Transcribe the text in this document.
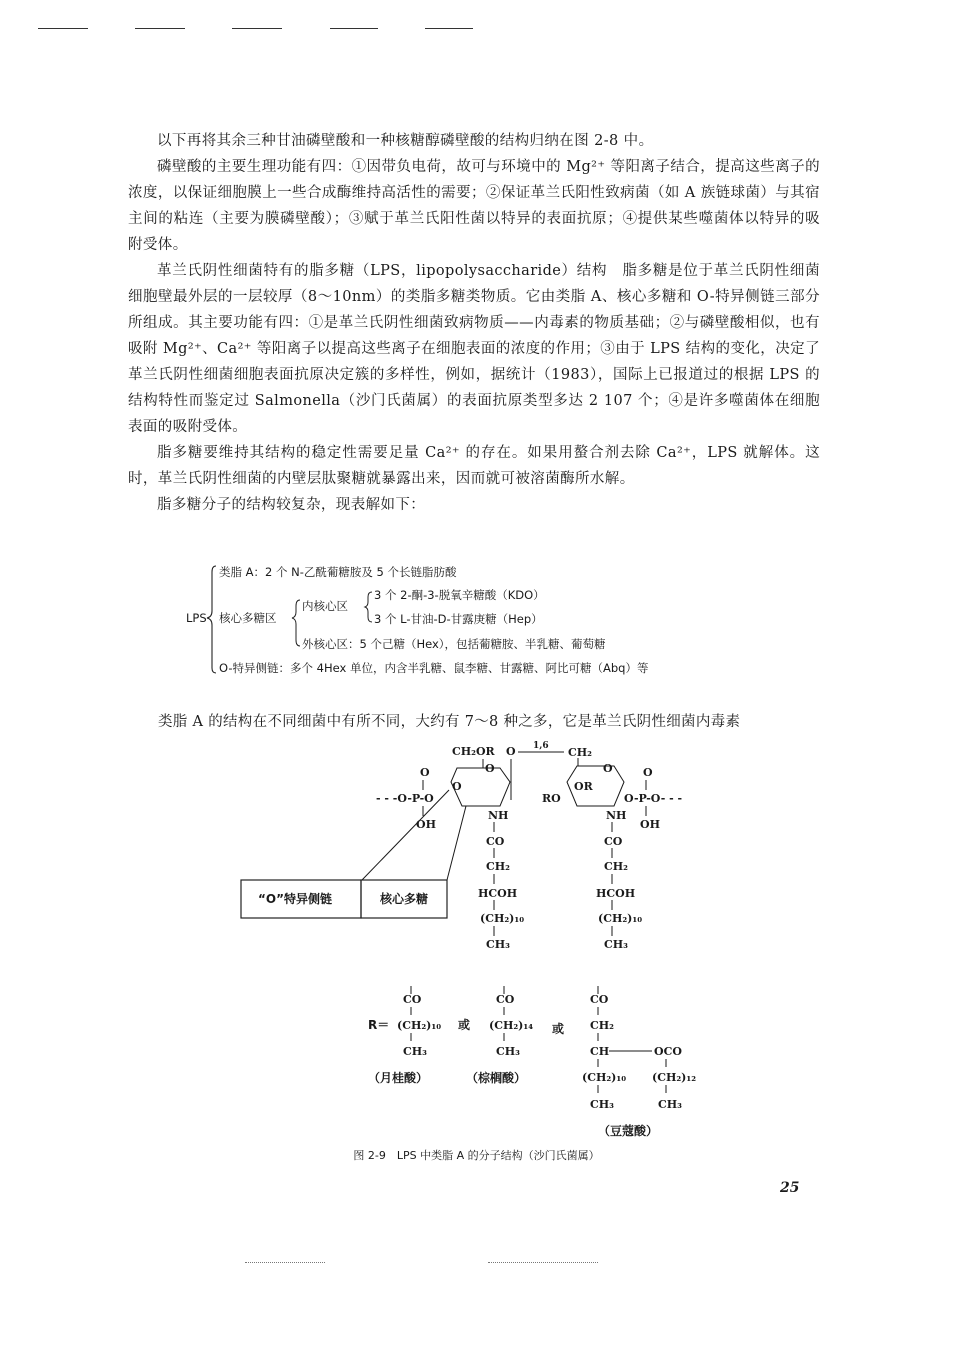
以下再将其余三种甘油磷壁酸和一种核糖醇磷壁酸的结构归纳在图 2-8 中。

磷壁酸的主要生理功能有四：①因带负电荷，故可与环境中的 Mg²⁺ 等阳离子结合，提高这些离子的浓度，以保证细胞膜上一些合成酶维持高活性的需要；②保证革兰氏阳性致病菌（如 A 族链球菌）与其宿主间的粘连（主要为膜磷壁酸）；③赋于革兰氏阳性菌以特异的表面抗原；④提供某些噬菌体以特异的吸附受体。

革兰氏阴性细菌特有的脂多糖（LPS，lipopolysaccharide）结构　脂多糖是位于革兰氏阴性细菌细胞壁最外层的一层较厚（8～10nm）的类脂多糖类物质。它由类脂 A、核心多糖和 O-特异侧链三部分所组成。其主要功能有四：①是革兰氏阴性细菌致病物质——内毒素的物质基础；②与磷壁酸相似，也有吸附 Mg²⁺、Ca²⁺ 等阳离子以提高这些离子在细胞表面的浓度的作用；③由于 LPS 结构的变化，决定了革兰氏阴性细菌细胞表面抗原决定簇的多样性，例如，据统计（1983），国际上已报道过的根据 LPS 的结构特性而鉴定过 Salmonella（沙门氏菌属）的表面抗原类型多达 2 107 个；④是许多噬菌体在细胞表面的吸附受体。

脂多糖要维持其结构的稳定性需要足量 Ca²⁺ 的存在。如果用螯合剂去除 Ca²⁺，LPS 就解体。这时，革兰氏阴性细菌的内壁层肽聚糖就暴露出来，因而就可被溶菌酶所水解。

脂多糖分子的结构较复杂，现表解如下：

LPS
类脂 A：2 个 N-乙酰葡糖胺及 5 个长链脂肪酸
核心多糖区
内核心区
3 个 2-酮-3-脱氧辛糖酸（KDO）
3 个 L-甘油-D-甘露庚糖（Hep）
外核心区：5 个己糖（Hex），包括葡糖胺、半乳糖、葡萄糖
O-特异侧链：多个 4Hex 单位，内含半乳糖、鼠李糖、甘露糖、阿比可糖（Abq）等
类脂 A 的结构在不同细菌中有所不同，大约有 7～8 种之多，它是革兰氏阴性细菌内毒素
CH₂OR O 1,6 CH₂
O
O
O
OR
O
- - -O-P-O
OH
RO
O
O-P-O- - -
OH
NH
CO
CH₂
HCOH
(CH₂)₁₀
CH₃
NH
CO
CH₂
HCOH
(CH₂)₁₀
CH₃
“O”特异侧链	核心多糖
CO
(CH₂)₁₀
CH₃
CO
(CH₂)₁₄
CH₃
CO
CH₂
CH	OCO
(CH₂)₁₀
CH₃
(CH₂)₁₂
CH₃
R＝	或	或
（月桂酸）	（棕榈酸）
（豆蔻酸）
图 2-9　LPS 中类脂 A 的分子结构（沙门氏菌属）
25
